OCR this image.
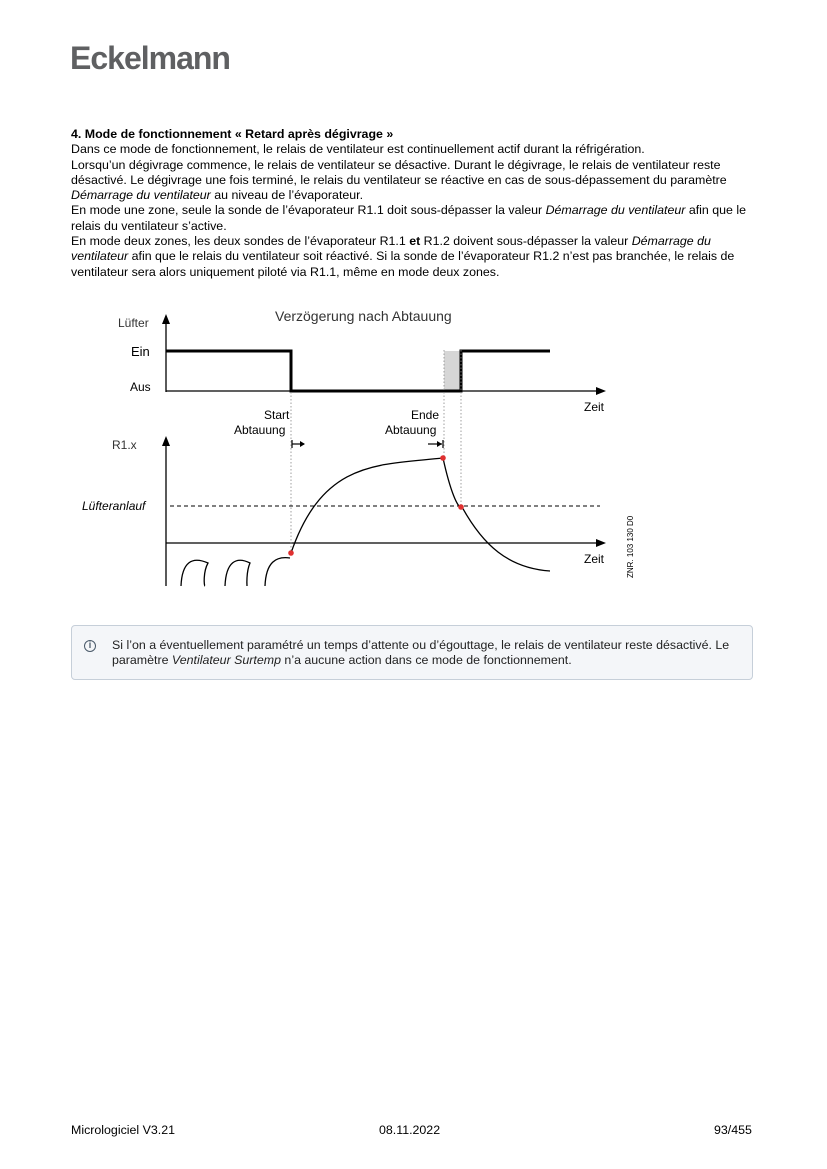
Eckelmann

4. Mode de fonctionnement « Retard après dégivrage »

Dans ce mode de fonctionnement, le relais de ventilateur est continuellement actif durant la réfrigération.

Lorsqu’un dégivrage commence, le relais de ventilateur se désactive. Durant le dégivrage, le relais de ventilateur reste désactivé. Le dégivrage une fois terminé, le relais du ventilateur se réactive en cas de sous-dépassement du paramètre Démarrage du ventilateur au niveau de l’évaporateur.

En mode une zone, seule la sonde de l’évaporateur R1.1 doit sous-dépasser la valeur Démarrage du ventilateur afin que le relais du ventilateur s’active.

En mode deux zones, les deux sondes de l’évaporateur R1.1 et R1.2 doivent sous-dépasser la valeur Démarrage du ventilateur afin que le relais du ventilateur soit réactivé. Si la sonde de l’évaporateur R1.2 n’est pas branchée, le relais de ventilateur sera alors uniquement piloté via R1.1, même en mode deux zones.

Verzögerung nach Abtauung
Lüfter
Ein
Aus
Zeit
Start
Abtauung
Ende
Abtauung
R1.x
Zeit
Lüfteranlauf
ZNR. 103 130 D0
i	Si l’on a éventuellement paramétré un temps d’attente ou d’égouttage, le relais de ventilateur reste désactivé. Le paramètre Ventilateur Surtemp n’a aucune action dans ce mode de fonctionnement.
Micrologiciel V3.21	08.11.2022	93/455
